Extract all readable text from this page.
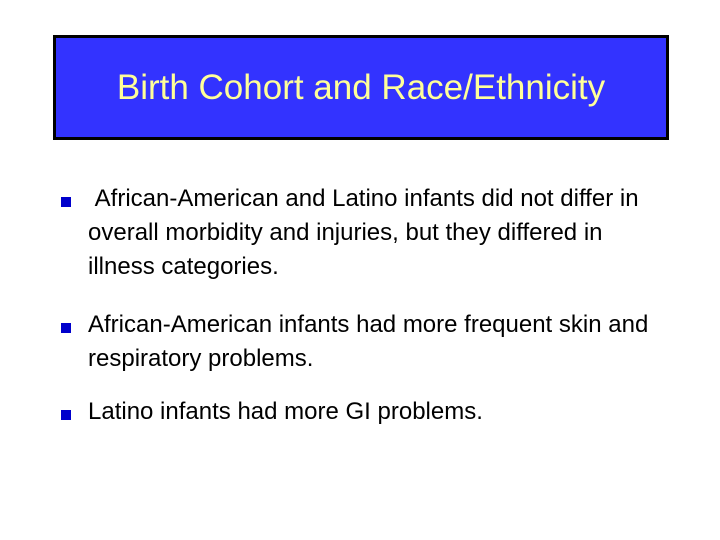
Birth Cohort and Race/Ethnicity
African-American and Latino infants did not differ in overall morbidity and injuries, but they differed in illness categories.
African-American infants had more frequent skin and respiratory problems.
Latino infants had more GI problems.
